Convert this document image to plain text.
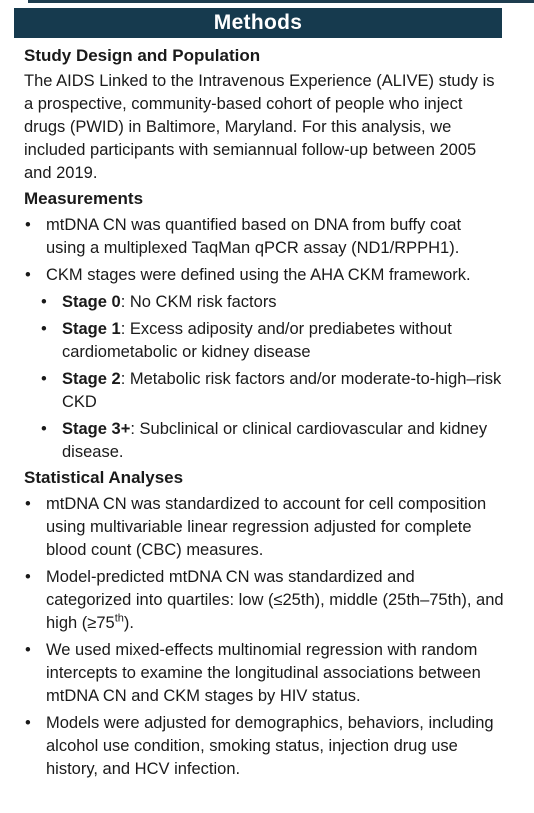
Methods
Study Design and Population

The AIDS Linked to the Intravenous Experience (ALIVE) study is a prospective, community-based cohort of people who inject drugs (PWID) in Baltimore, Maryland. For this analysis, we included participants with semiannual follow-up between 2005 and 2019.

Measurements
• mtDNA CN was quantified based on DNA from buffy coat using a multiplexed TaqMan qPCR assay (ND1/RPPH1).
• CKM stages were defined using the AHA CKM framework.
• Stage 0: No CKM risk factors
• Stage 1: Excess adiposity and/or prediabetes without cardiometabolic or kidney disease
• Stage 2: Metabolic risk factors and/or moderate-to-high–risk CKD
• Stage 3+: Subclinical or clinical cardiovascular and kidney disease.
Statistical Analyses
• mtDNA CN was standardized to account for cell composition using multivariable linear regression adjusted for complete blood count (CBC) measures.
• Model-predicted mtDNA CN was standardized and categorized into quartiles: low (≤25th), middle (25th–75th), and high (≥75th).
• We used mixed-effects multinomial regression with random intercepts to examine the longitudinal associations between mtDNA CN and CKM stages by HIV status.
• Models were adjusted for demographics, behaviors, including alcohol use condition, smoking status, injection drug use history, and HCV infection.
